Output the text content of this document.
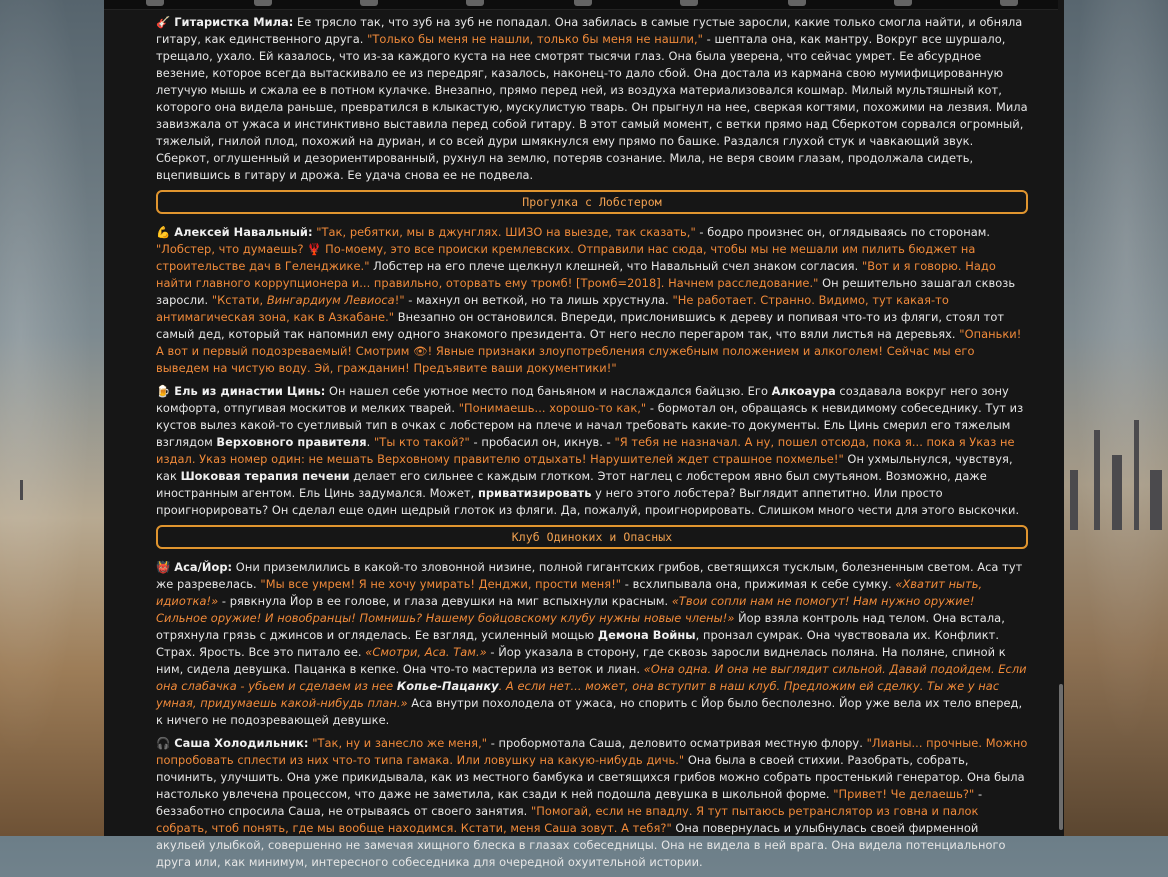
🎸 Гитаристка Мила: Ее трясло так, что зуб на зуб не попадал. Она забилась в самые густые заросли, какие только смогла найти, и обняла гитару, как единственного друга. "Только бы меня не нашли, только бы меня не нашли," - шептала она, как мантру. Вокруг все шуршало, трещало, ухало. Ей казалось, что из-за каждого куста на нее смотрят тысячи глаз. Она была уверена, что сейчас умрет. Ее абсурдное везение, которое всегда вытаскивало ее из передряг, казалось, наконец-то дало сбой. Она достала из кармана свою мумифицированную летучую мышь и сжала ее в потном кулачке. Внезапно, прямо перед ней, из воздуха материализовался кошмар. Милый мультяшный кот, которого она видела раньше, превратился в клыкастую, мускулистую тварь. Он прыгнул на нее, сверкая когтями, похожими на лезвия. Мила завизжала от ужаса и инстинктивно выставила перед собой гитару. В этот самый момент, с ветки прямо над Сберкотом сорвался огромный, тяжелый, гнилой плод, похожий на дуриан, и со всей дури шмякнулся ему прямо по башке. Раздался глухой стук и чавкающий звук. Сберкот, оглушенный и дезориентированный, рухнул на землю, потеряв сознание. Мила, не веря своим глазам, продолжала сидеть, вцепившись в гитару и дрожа. Ее удача снова ее не подвела.

Прогулка с Лобстером

💪 Алексей Навальный: "Так, ребятки, мы в джунглях. ШИЗО на выезде, так сказать," - бодро произнес он, оглядываясь по сторонам. "Лобстер, что думаешь? 🦞 По-моему, это все происки кремлевских. Отправили нас сюда, чтобы мы не мешали им пилить бюджет на строительстве дач в Геленджике." Лобстер на его плече щелкнул клешней, что Навальный счел знаком согласия. "Вот и я говорю. Надо найти главного коррупционера и... правильно, оторвать ему тромб! [Тромб=2018]. Начнем расследование." Он решительно зашагал сквозь заросли. "Кстати, Вингардиум Левиоса!" - махнул он веткой, но та лишь хрустнула. "Не работает. Странно. Видимо, тут какая-то антимагическая зона, как в Азкабане." Внезапно он остановился. Впереди, прислонившись к дереву и попивая что-то из фляги, стоял тот самый дед, который так напомнил ему одного знакомого президента. От него несло перегаром так, что вяли листья на деревьях. "Опаньки! А вот и первый подозреваемый! Смотрим 👁! Явные признаки злоупотребления служебным положением и алкоголем! Сейчас мы его выведем на чистую воду. Эй, гражданин! Предъявите ваши документики!"

🍺 Ель из династии Цинь: Он нашел себе уютное место под баньяном и наслаждался байцзю. Его Алкоаура создавала вокруг него зону комфорта, отпугивая москитов и мелких тварей. "Понимаешь... хорошо-то как," - бормотал он, обращаясь к невидимому собеседнику. Тут из кустов вылез какой-то суетливый тип в очках с лобстером на плече и начал требовать какие-то документы. Ель Цинь смерил его тяжелым взглядом Верховного правителя. "Ты кто такой?" - пробасил он, икнув. - "Я тебя не назначал. А ну, пошел отсюда, пока я... пока я Указ не издал. Указ номер один: не мешать Верховному правителю отдыхать! Нарушителей ждет страшное похмелье!" Он ухмыльнулся, чувствуя, как Шоковая терапия печени делает его сильнее с каждым глотком. Этот наглец с лобстером явно был смутьяном. Возможно, даже иностранным агентом. Ель Цинь задумался. Может, приватизировать у него этого лобстера? Выглядит аппетитно. Или просто проигнорировать? Он сделал еще один щедрый глоток из фляги. Да, пожалуй, проигнорировать. Слишком много чести для этого выскочки.

Клуб Одиноких и Опасных

👹 Аса/Йор: Они приземлились в какой-то зловонной низине, полной гигантских грибов, светящихся тусклым, болезненным светом. Аса тут же разревелась. "Мы все умрем! Я не хочу умирать! Денджи, прости меня!" - всхлипывала она, прижимая к себе сумку. «Хватит ныть, идиотка!» - рявкнула Йор в ее голове, и глаза девушки на миг вспыхнули красным. «Твои сопли нам не помогут! Нам нужно оружие! Сильное оружие! И новобранцы! Помнишь? Нашему бойцовскому клубу нужны новые члены!» Йор взяла контроль над телом. Она встала, отряхнула грязь с джинсов и огляделась. Ее взгляд, усиленный мощью Демона Войны, пронзал сумрак. Она чувствовала их. Конфликт. Страх. Ярость. Все это питало ее. «Смотри, Аса. Там.» - Йор указала в сторону, где сквозь заросли виднелась поляна. На поляне, спиной к ним, сидела девушка. Пацанка в кепке. Она что-то мастерила из веток и лиан. «Она одна. И она не выглядит сильной. Давай подойдем. Если она слабачка - убьем и сделаем из нее Копье-Пацанку. А если нет... может, она вступит в наш клуб. Предложим ей сделку. Ты же у нас умная, придумаешь какой-нибудь план.» Аса внутри похолодела от ужаса, но спорить с Йор было бесполезно. Йор уже вела их тело вперед, к ничего не подозревающей девушке.

🎧 Саша Холодильник: "Так, ну и занесло же меня," - пробормотала Саша, деловито осматривая местную флору. "Лианы... прочные. Можно попробовать сплести из них что-то типа гамака. Или ловушку на какую-нибудь дичь." Она была в своей стихии. Разобрать, собрать, починить, улучшить. Она уже прикидывала, как из местного бамбука и светящихся грибов можно собрать простенький генератор. Она была настолько увлечена процессом, что даже не заметила, как сзади к ней подошла девушка в школьной форме. "Привет! Че делаешь?" - беззаботно спросила Саша, не отрываясь от своего занятия. "Помогай, если не впадлу. Я тут пытаюсь ретранслятор из говна и палок собрать, чтоб понять, где мы вообще находимся. Кстати, меня Саша зовут. А тебя?" Она повернулась и улыбнулась своей фирменной акульей улыбкой, совершенно не замечая хищного блеска в глазах собеседницы. Она не видела в ней врага. Она видела потенциального друга или, как минимум, интересного собеседника для очередной охуительной истории.
